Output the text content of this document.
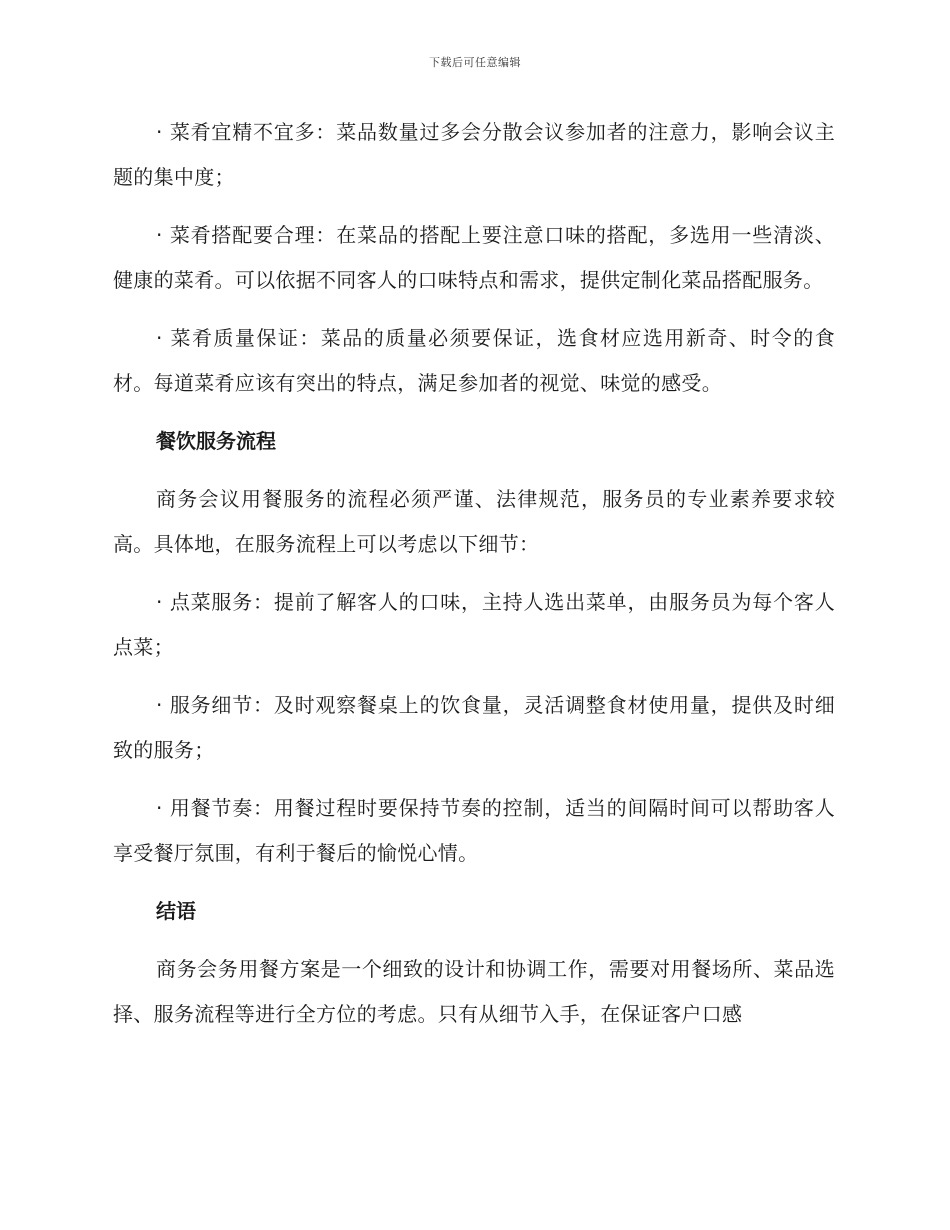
下载后可任意编辑

· 菜肴宜精不宜多：菜品数量过多会分散会议参加者的注意力，影响会议主题的集中度；

· 菜肴搭配要合理：在菜品的搭配上要注意口味的搭配，多选用一些清淡、健康的菜肴。可以依据不同客人的口味特点和需求，提供定制化菜品搭配服务。

· 菜肴质量保证：菜品的质量必须要保证，选食材应选用新奇、时令的食材。每道菜肴应该有突出的特点，满足参加者的视觉、味觉的感受。

餐饮服务流程

商务会议用餐服务的流程必须严谨、法律规范，服务员的专业素养要求较高。具体地，在服务流程上可以考虑以下细节：

· 点菜服务：提前了解客人的口味，主持人选出菜单，由服务员为每个客人点菜；

· 服务细节：及时观察餐桌上的饮食量，灵活调整食材使用量，提供及时细致的服务；

· 用餐节奏：用餐过程时要保持节奏的控制，适当的间隔时间可以帮助客人享受餐厅氛围，有利于餐后的愉悦心情。

结语

商务会务用餐方案是一个细致的设计和协调工作，需要对用餐场所、菜品选择、服务流程等进行全方位的考虑。只有从细节入手，在保证客户口感
